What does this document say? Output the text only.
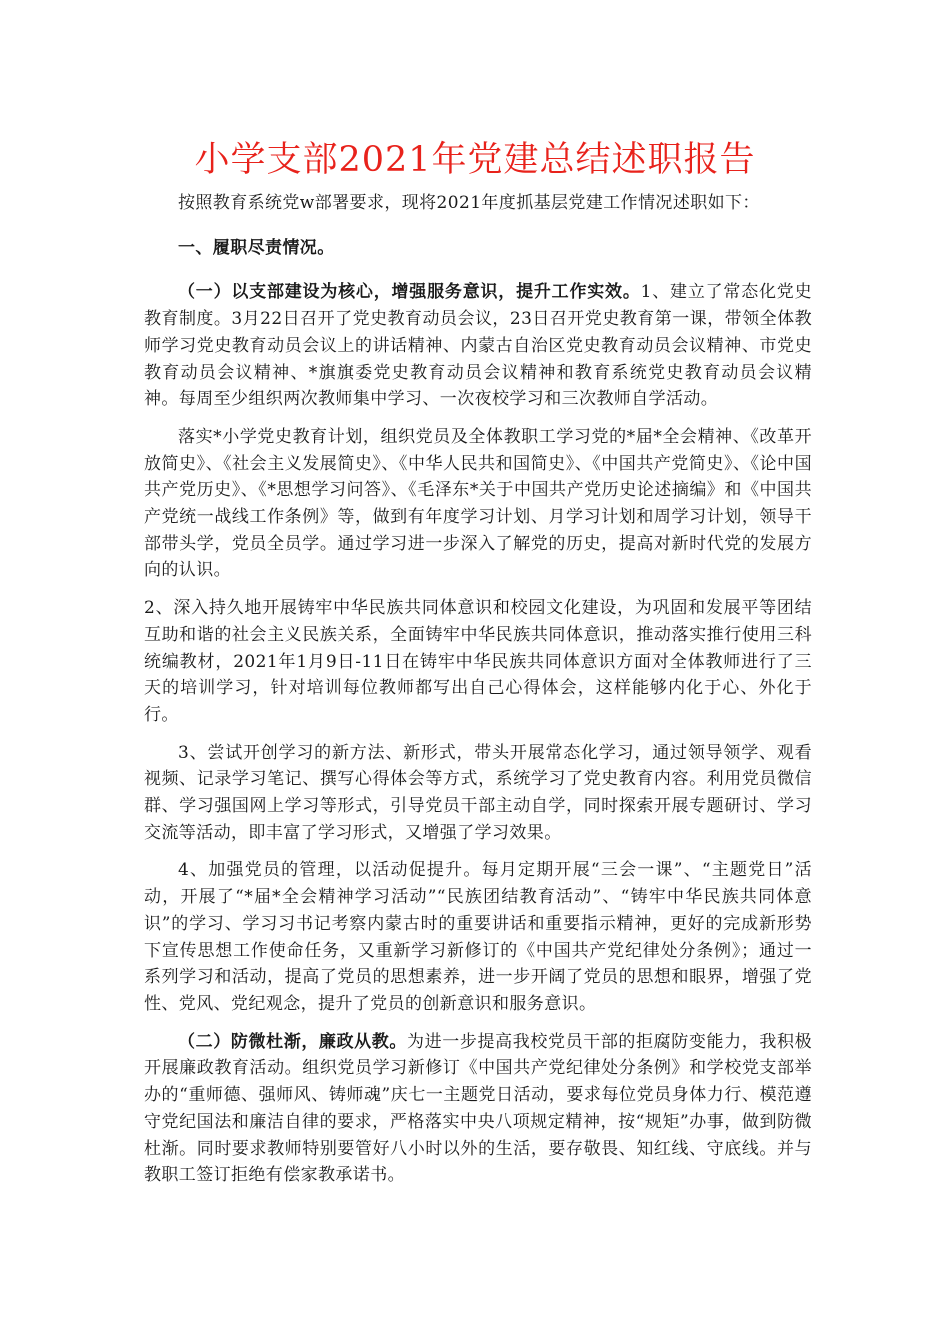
小学支部2021年党建总结述职报告

按照教育系统党w部署要求，现将2021年度抓基层党建工作情况述职如下：

一、履职尽责情况。

（一）以支部建设为核心，增强服务意识，提升工作实效。1、建立了常态化党史教育制度。3月22日召开了党史教育动员会议，23日召开党史教育第一课，带领全体教师学习党史教育动员会议上的讲话精神、内蒙古自治区党史教育动员会议精神、市党史教育动员会议精神、*旗旗委党史教育动员会议精神和教育系统党史教育动员会议精神。每周至少组织两次教师集中学习、一次夜校学习和三次教师自学活动。

落实*小学党史教育计划，组织党员及全体教职工学习党的*届*全会精神、《改革开放简史》、《社会主义发展简史》、《中华人民共和国简史》、《中国共产党简史》、《论中国共产党历史》、《*思想学习问答》、《毛泽东*关于中国共产党历史论述摘编》和《中国共产党统一战线工作条例》等，做到有年度学习计划、月学习计划和周学习计划，领导干部带头学，党员全员学。通过学习进一步深入了解党的历史，提高对新时代党的发展方向的认识。

2、深入持久地开展铸牢中华民族共同体意识和校园文化建设，为巩固和发展平等团结互助和谐的社会主义民族关系，全面铸牢中华民族共同体意识，推动落实推行使用三科统编教材，2021年1月9日-11日在铸牢中华民族共同体意识方面对全体教师进行了三天的培训学习，针对培训每位教师都写出自己心得体会，这样能够内化于心、外化于行。

3、尝试开创学习的新方法、新形式，带头开展常态化学习，通过领导领学、观看视频、记录学习笔记、撰写心得体会等方式，系统学习了党史教育内容。利用党员微信群、学习强国网上学习等形式，引导党员干部主动自学，同时探索开展专题研讨、学习交流等活动，即丰富了学习形式，又增强了学习效果。

4、加强党员的管理，以活动促提升。每月定期开展“三会一课”、“主题党日”活动，开展了“*届*全会精神学习活动”“民族团结教育活动”、“铸牢中华民族共同体意识”的学习、学习习书记考察内蒙古时的重要讲话和重要指示精神，更好的完成新形势下宣传思想工作使命任务，又重新学习新修订的《中国共产党纪律处分条例》；通过一系列学习和活动，提高了党员的思想素养，进一步开阔了党员的思想和眼界，增强了党性、党风、党纪观念，提升了党员的创新意识和服务意识。

（二）防微杜渐，廉政从教。为进一步提高我校党员干部的拒腐防变能力，我积极开展廉政教育活动。组织党员学习新修订《中国共产党纪律处分条例》和学校党支部举办的“重师德、强师风、铸师魂”庆七一主题党日活动，要求每位党员身体力行、模范遵守党纪国法和廉洁自律的要求，严格落实中央八项规定精神，按“规矩”办事，做到防微杜渐。同时要求教师特别要管好八小时以外的生活，要存敬畏、知红线、守底线。并与教职工签订拒绝有偿家教承诺书。
